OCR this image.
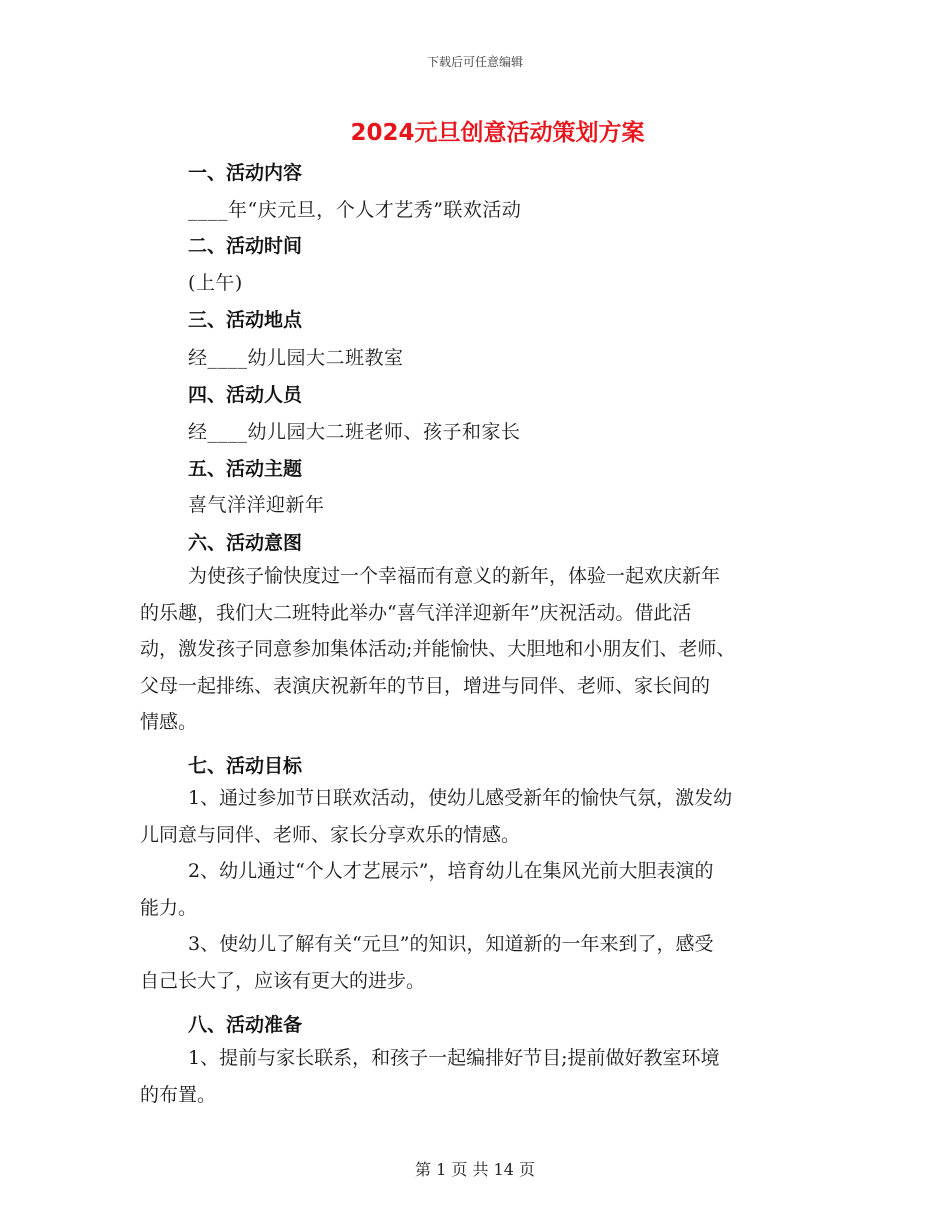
下载后可任意编辑
2024元旦创意活动策划方案
一、活动内容
____年“庆元旦，个人才艺秀”联欢活动
二、活动时间
(上午)
三、活动地点
经____幼儿园大二班教室
四、活动人员
经____幼儿园大二班老师、孩子和家长
五、活动主题
喜气洋洋迎新年
六、活动意图
为使孩子愉快度过一个幸福而有意义的新年，体验一起欢庆新年
的乐趣，我们大二班特此举办“喜气洋洋迎新年”庆祝活动。借此活
动，激发孩子同意参加集体活动;并能愉快、大胆地和小朋友们、老师、
父母一起排练、表演庆祝新年的节目，增进与同伴、老师、家长间的
情感。
七、活动目标
1、通过参加节日联欢活动，使幼儿感受新年的愉快气氛，激发幼
儿同意与同伴、老师、家长分享欢乐的情感。
2、幼儿通过“个人才艺展示”，培育幼儿在集风光前大胆表演的
能力。
3、使幼儿了解有关“元旦”的知识，知道新的一年来到了，感受
自己长大了，应该有更大的进步。
八、活动准备
1、提前与家长联系，和孩子一起编排好节目;提前做好教室环境
的布置。
第 1 页 共 14 页
